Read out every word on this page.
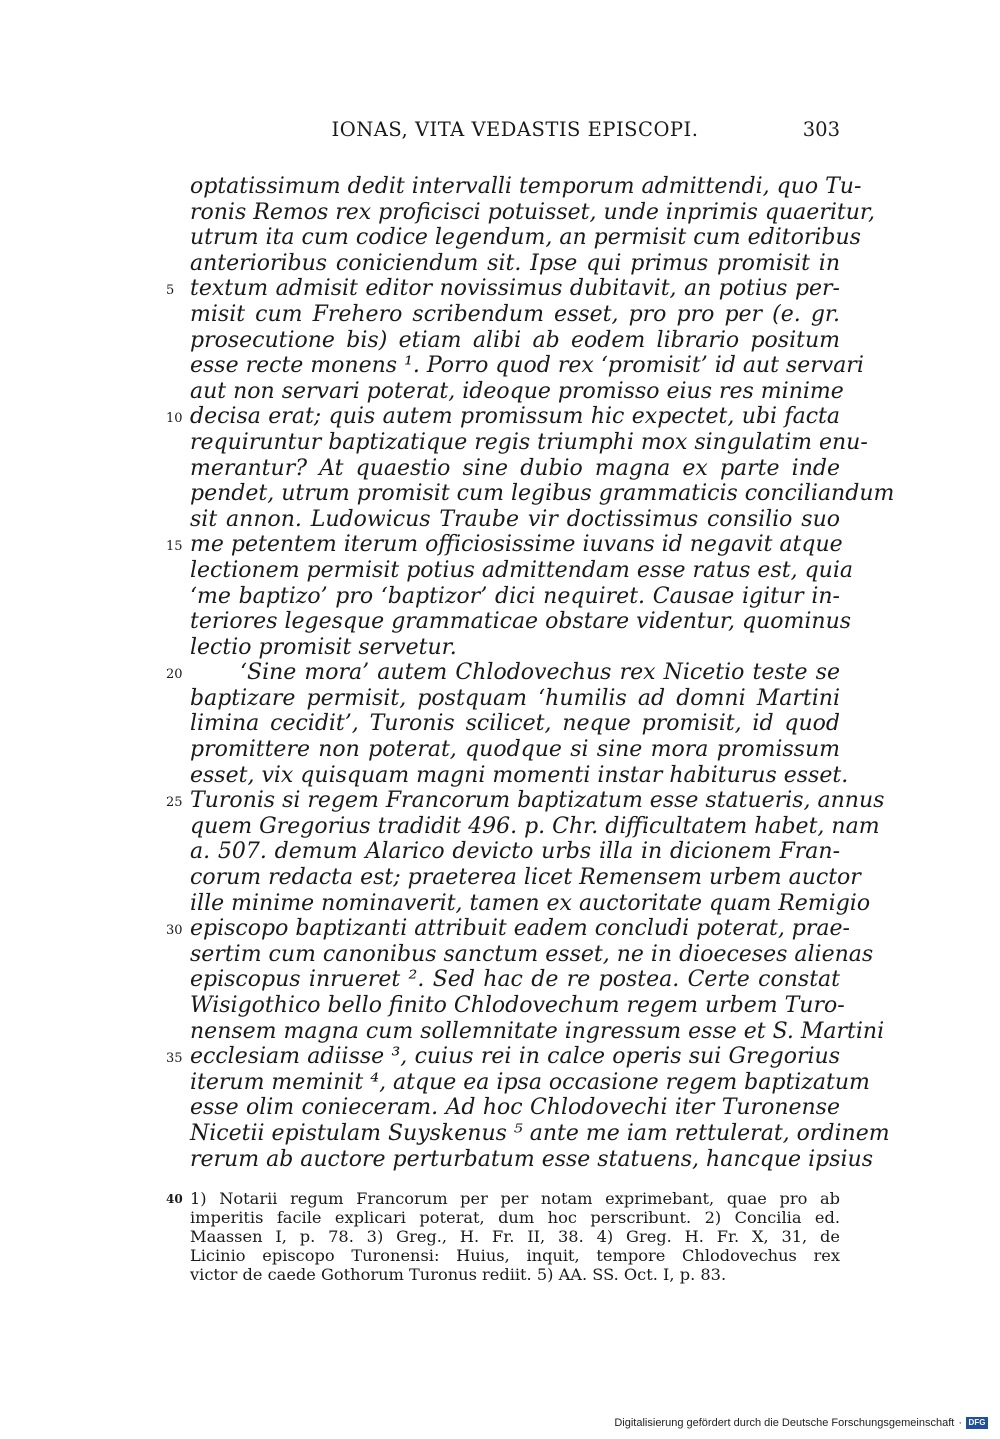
IONAS, VITA VEDASTIS EPISCOPI.	303
optatissimum dedit intervalli temporum admittendi, quo Tu-
ronis Remos rex proficisci potuisset, unde inprimis quaeritur,
utrum ita cum codice legendum, an permisit cum editoribus
anterioribus coniciendum sit. Ipse qui primus promisit in
5 textum admisit editor novissimus dubitavit, an potius per-
misit cum Frehero scribendum esset, pro pro per (e. gr.
prosecutione bis) etiam alibi ab eodem librario positum
esse recte monens ¹. Porro quod rex ‘promisit’ id aut servari
aut non servari poterat, ideoque promisso eius res minime
10 decisa erat; quis autem promissum hic expectet, ubi facta
requiruntur baptizatique regis triumphi mox singulatim enu-
merantur? At quaestio sine dubio magna ex parte inde
pendet, utrum promisit cum legibus grammaticis conciliandum
sit annon. Ludowicus Traube vir doctissimus consilio suo
15 me petentem iterum officiosissime iuvans id negavit atque
lectionem permisit potius admittendam esse ratus est, quia
‘me baptizo’ pro ‘baptizor’ dici nequiret. Causae igitur in-
teriores legesque grammaticae obstare videntur, quominus
lectio promisit servetur.
20	‘Sine mora’ autem Chlodovechus rex Nicetio teste se
baptizare permisit, postquam ‘humilis ad domni Martini
limina cecidit’, Turonis scilicet, neque promisit, id quod
promittere non poterat, quodque si sine mora promissum
esset, vix quisquam magni momenti instar habiturus esset.
25 Turonis si regem Francorum baptizatum esse statueris, annus
quem Gregorius tradidit 496. p. Chr. difficultatem habet, nam
a. 507. demum Alarico devicto urbs illa in dicionem Fran-
corum redacta est; praeterea licet Remensem urbem auctor
ille minime nominaverit, tamen ex auctoritate quam Remigio
30 episcopo baptizanti attribuit eadem concludi poterat, prae-
sertim cum canonibus sanctum esset, ne in dioeceses alienas
episcopus inrueret ². Sed hac de re postea. Certe constat
Wisigothico bello finito Chlodovechum regem urbem Turo-
nensem magna cum sollemnitate ingressum esse et S. Martini
35 ecclesiam adiisse ³, cuius rei in calce operis sui Gregorius
iterum meminit ⁴, atque ea ipsa occasione regem baptizatum
esse olim conieceram. Ad hoc Chlodovechi iter Turonense
Nicetii epistulam Suyskenus ⁵ ante me iam rettulerat, ordinem
rerum ab auctore perturbatum esse statuens, hancque ipsius
40 1) Notarii regum Francorum per per notam exprimebant, quae pro ab
imperitis facile explicari poterat, dum hoc perscribunt. 2) Concilia ed.
Maassen I, p. 78. 3) Greg., H. Fr. II, 38. 4) Greg. H. Fr. X, 31, de
Licinio episcopo Turonensi: Huius, inquit, tempore Chlodovechus rex
victor de caede Gothorum Turonus rediit. 5) AA. SS. Oct. I, p. 83.
Digitalisierung gefördert durch die Deutsche Forschungsgemeinschaft · DFG
